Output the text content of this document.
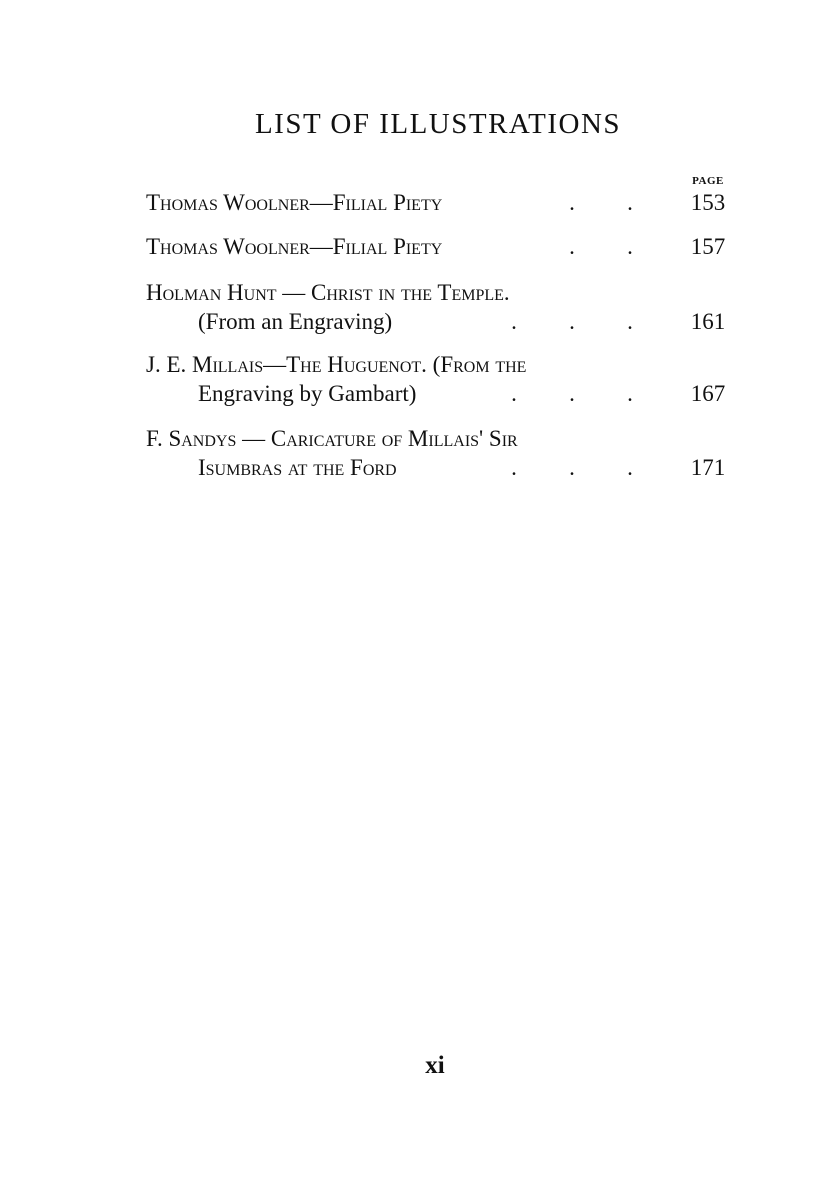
LIST OF ILLUSTRATIONS
PAGE
Thomas Woolner—Filial Piety	. .	153
Thomas Woolner—Filial Piety	. .	157
Holman Hunt — Christ in the Temple.
(From an Engraving)	. . .	161
J. E. Millais—The Huguenot. (From the
Engraving by Gambart)	. . .	167
F. Sandys — Caricature of Millais' Sir
Isumbras at the Ford	. . .	171
xi
